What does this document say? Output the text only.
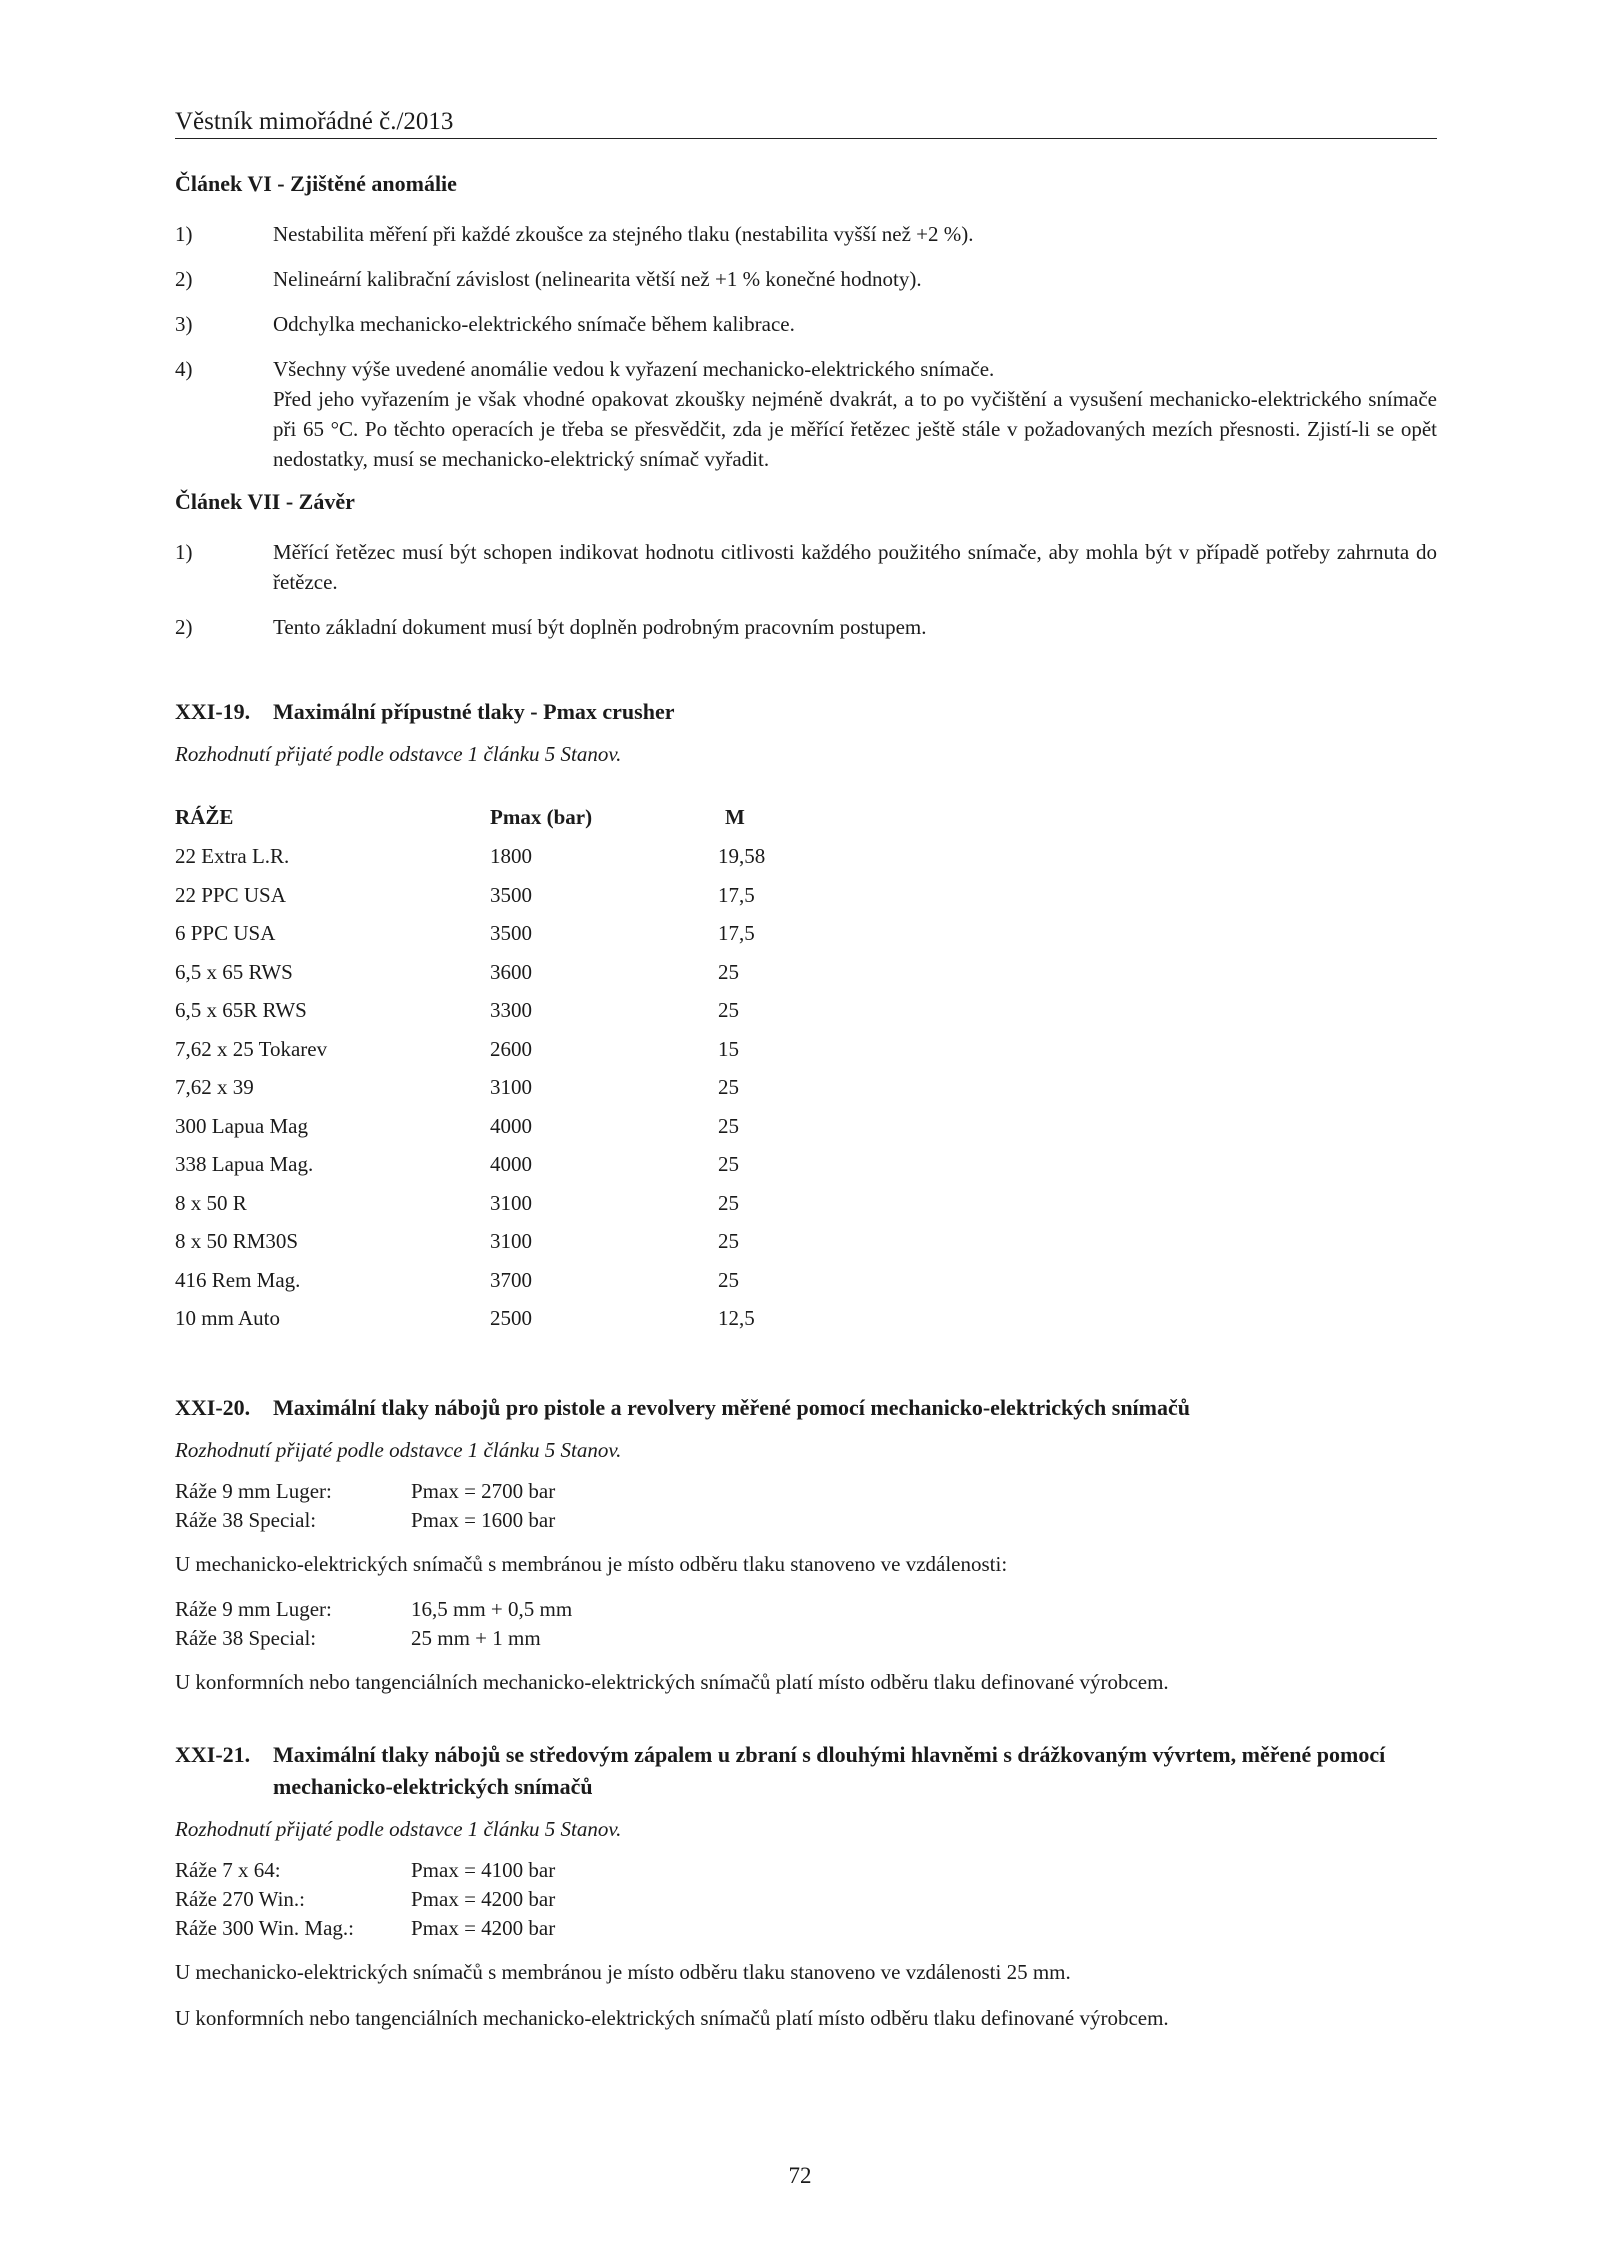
Věstník mimořádné č./2013
Článek VI - Zjištěné anomálie
1)	Nestabilita měření při každé zkoušce za stejného tlaku (nestabilita vyšší než +2 %).
2)	Nelineární kalibrační závislost (nelinearita větší než +1 % konečné hodnoty).
3)	Odchylka mechanicko-elektrického snímače během kalibrace.
4)	Všechny výše uvedené anomálie vedou k vyřazení mechanicko-elektrického snímače.
Před jeho vyřazením je však vhodné opakovat zkoušky nejméně dvakrát, a to po vyčištění a vysušení mechanicko-elektrického snímače při 65 °C. Po těchto operacích je třeba se přesvědčit, zda je měřící řetězec ještě stále v požadovaných mezích přesnosti. Zjistí-li se opět nedostatky, musí se mechanicko-elektrický snímač vyřadit.
Článek VII - Závěr
1)	Měřící řetězec musí být schopen indikovat hodnotu citlivosti každého použitého snímače, aby mohla být v případě potřeby zahrnuta do řetězce.
2)	Tento základní dokument musí být doplněn podrobným pracovním postupem.
XXI-19.	Maximální přípustné tlaky - Pmax crusher
Rozhodnutí přijaté podle odstavce 1 článku 5 Stanov.
RÁŽE	Pmax (bar)	M
22 Extra L.R.	1800	19,58
22 PPC USA	3500	17,5
6 PPC USA	3500	17,5
6,5 x 65 RWS	3600	25
6,5 x 65R RWS	3300	25
7,62 x 25 Tokarev	2600	15
7,62 x 39	3100	25
300 Lapua Mag	4000	25
338 Lapua Mag.	4000	25
8 x 50 R	3100	25
8 x 50 RM30S	3100	25
416 Rem Mag.	3700	25
10 mm Auto	2500	12,5
XXI-20.	Maximální tlaky nábojů pro pistole a revolvery měřené pomocí mechanicko-elektrických snímačů
Rozhodnutí přijaté podle odstavce 1 článku 5 Stanov.
Ráže 9 mm Luger:	Pmax = 2700 bar
Ráže 38 Special:	Pmax = 1600 bar
U mechanicko-elektrických snímačů s membránou je místo odběru tlaku stanoveno ve vzdálenosti:
Ráže 9 mm Luger:	16,5 mm + 0,5 mm
Ráže 38 Special:	25 mm + 1 mm
U konformních nebo tangenciálních mechanicko-elektrických snímačů platí místo odběru tlaku definované výrobcem.
XXI-21.	Maximální tlaky nábojů se středovým zápalem u zbraní s dlouhými hlavněmi s drážkovaným vývrtem, měřené pomocí mechanicko-elektrických snímačů
Rozhodnutí přijaté podle odstavce 1 článku 5 Stanov.
Ráže 7 x 64:	Pmax = 4100 bar
Ráže 270 Win.:	Pmax = 4200 bar
Ráže 300 Win. Mag.:	Pmax = 4200 bar
U mechanicko-elektrických snímačů s membránou je místo odběru tlaku stanoveno ve vzdálenosti 25 mm.
U konformních nebo tangenciálních mechanicko-elektrických snímačů platí místo odběru tlaku definované výrobcem.
72
